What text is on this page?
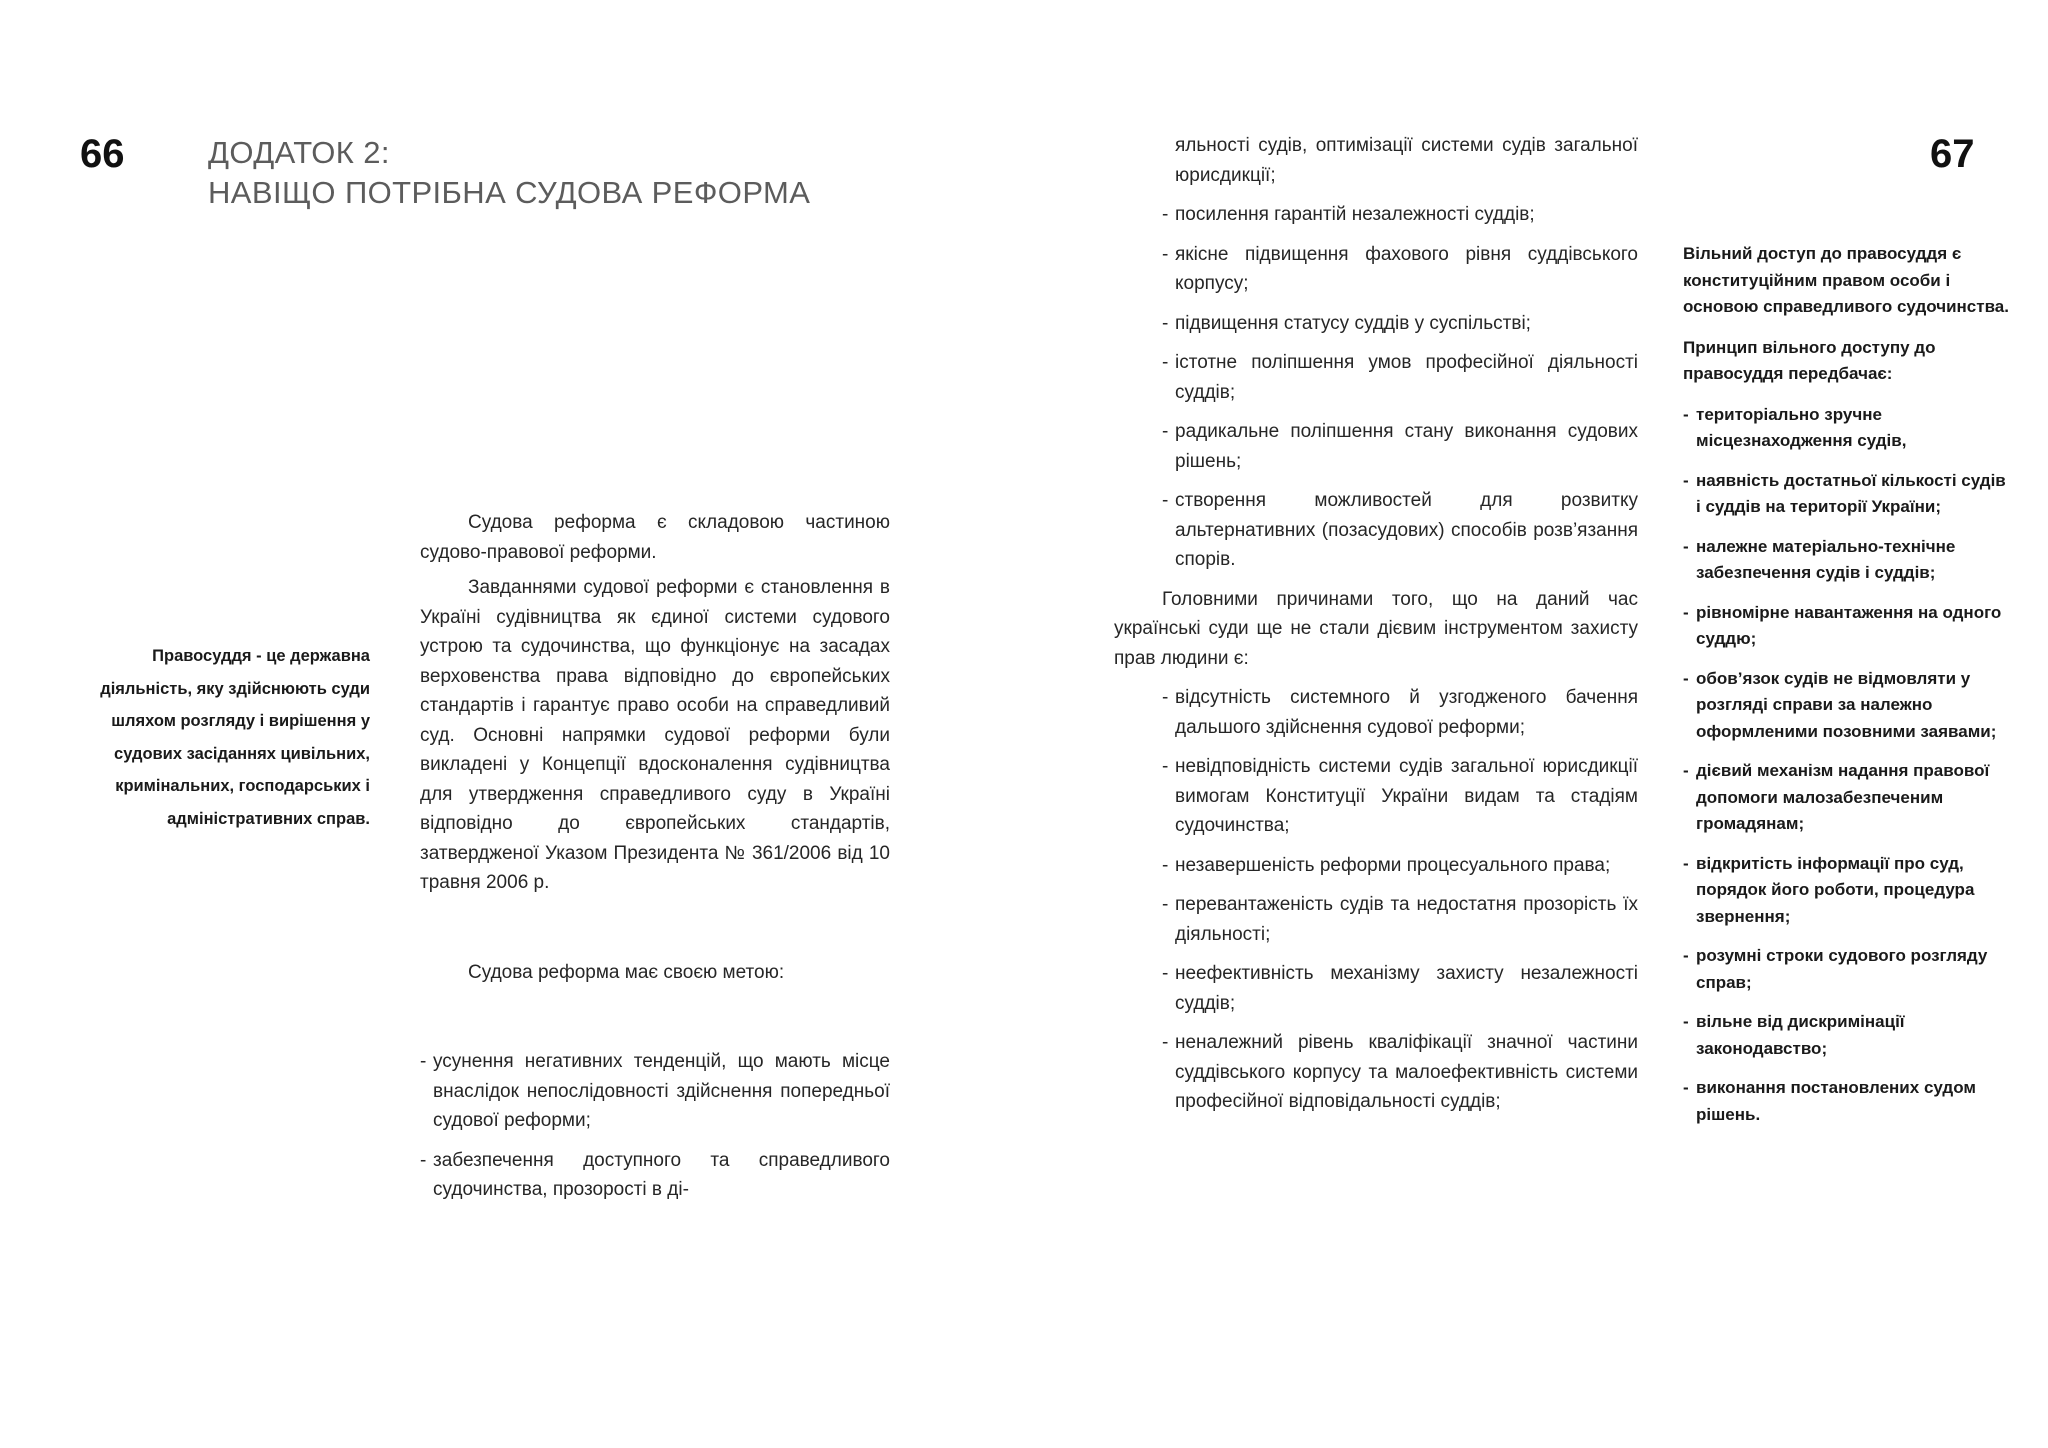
66	67
ДОДАТОК 2:
НАВІЩО ПОТРІБНА СУДОВА РЕФОРМА
Правосуддя - це державна
діяльність, яку здійснюють суди
шляхом розгляду і вирішення у
судових засіданнях цивільних,
кримінальних, господарських і
адміністративних справ.

Судова реформа є складовою частиною судово-правової реформи.

Завданнями судової реформи є становлення в Україні судівництва як єдиної системи судового устрою та судочинства, що функціонує на засадах верховенства права відповідно до європейських стандартів і гарантує право особи на справедливий суд. Основні напрямки судової реформи були викладені у Концепції вдосконалення судівництва для утвердження справедливого суду в Україні відповідно до європейських стандартів, затвердженої Указом Президента № 361/2006 від 10 травня 2006 р.

Судова реформа має своєю метою:

- усунення негативних тенденцій, що мають місце внаслідок непослідовності здійснення попередньої судової реформи;
- забезпечення доступного та справедливого судочинства, прозорості в ді-
яльності судів, оптимізації системи судів загальної юрисдикції;
- посилення гарантій незалежності суддів;
- якісне підвищення фахового рівня суддівського корпусу;
- підвищення статусу суддів у суспільстві;
- істотне поліпшення умов професійної діяльності суддів;
- радикальне поліпшення стану виконання судових рішень;
- створення можливостей для розвитку альтернативних (позасудових) способів розв’язання спорів.

Головними причинами того, що на даний час українські суди ще не стали дієвим інструментом захисту прав людини є:

- відсутність системного й узгодженого бачення дальшого здійснення судової реформи;
- невідповідність системи судів загальної юрисдикції вимогам Конституції України видам та стадіям судочинства;
- незавершеність реформи процесуального права;
- перевантаженість судів та недостатня прозорість їх діяльності;
- неефективність механізму захисту незалежності суддів;
- неналежний рівень кваліфікації значної частини суддівського корпусу та малоефективність системи професійної відповідальності суддів;

Вільний доступ до правосуддя є конституційним правом особи і основою справедливого судочинства.

Принцип вільного доступу до правосуддя передбачає:

- територіально зручне місцезнаходження судів,
- наявність достатньої кількості судів і суддів на території України;
- належне матеріально-технічне забезпечення судів і суддів;
- рівномірне навантаження на одного суддю;
- обов’язок судів не відмовляти у розгляді справи за належно оформленими позовними заявами;
- дієвий механізм надання правової допомоги малозабезпеченим громадянам;
- відкритість інформації про суд, порядок його роботи, процедура звернення;
- розумні строки судового розгляду справ;
- вільне від дискримінації законодавство;
- виконання постановлених судом рішень.
